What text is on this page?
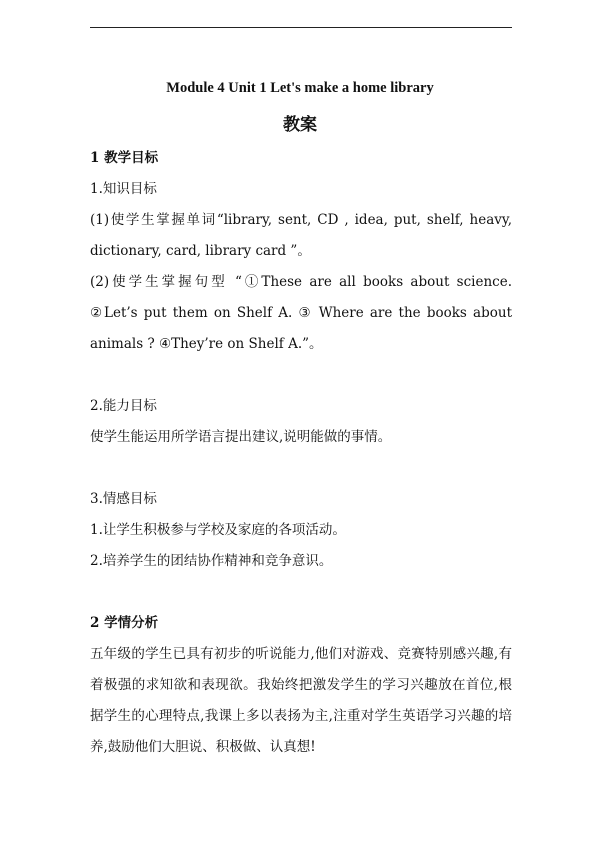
Module 4 Unit 1 Let's make a home library
教案

1 教学目标

1.知识目标

(1)使学生掌握单词“library, sent, CD , idea, put, shelf, heavy, dictionary, card, library card ”。

(2)使学生掌握句型 “①These are all books about science. ②Let’s put them on Shelf A. ③ Where are the books about animals ? ④They’re on Shelf A.”。

2.能力目标

使学生能运用所学语言提出建议,说明能做的事情。

3.情感目标

1.让学生积极参与学校及家庭的各项活动。

2.培养学生的团结协作精神和竞争意识。

2 学情分析

五年级的学生已具有初步的听说能力,他们对游戏、竞赛特别感兴趣,有着极强的求知欲和表现欲。我始终把激发学生的学习兴趣放在首位,根据学生的心理特点,我课上多以表扬为主,注重对学生英语学习兴趣的培养,鼓励他们大胆说、积极做、认真想!
